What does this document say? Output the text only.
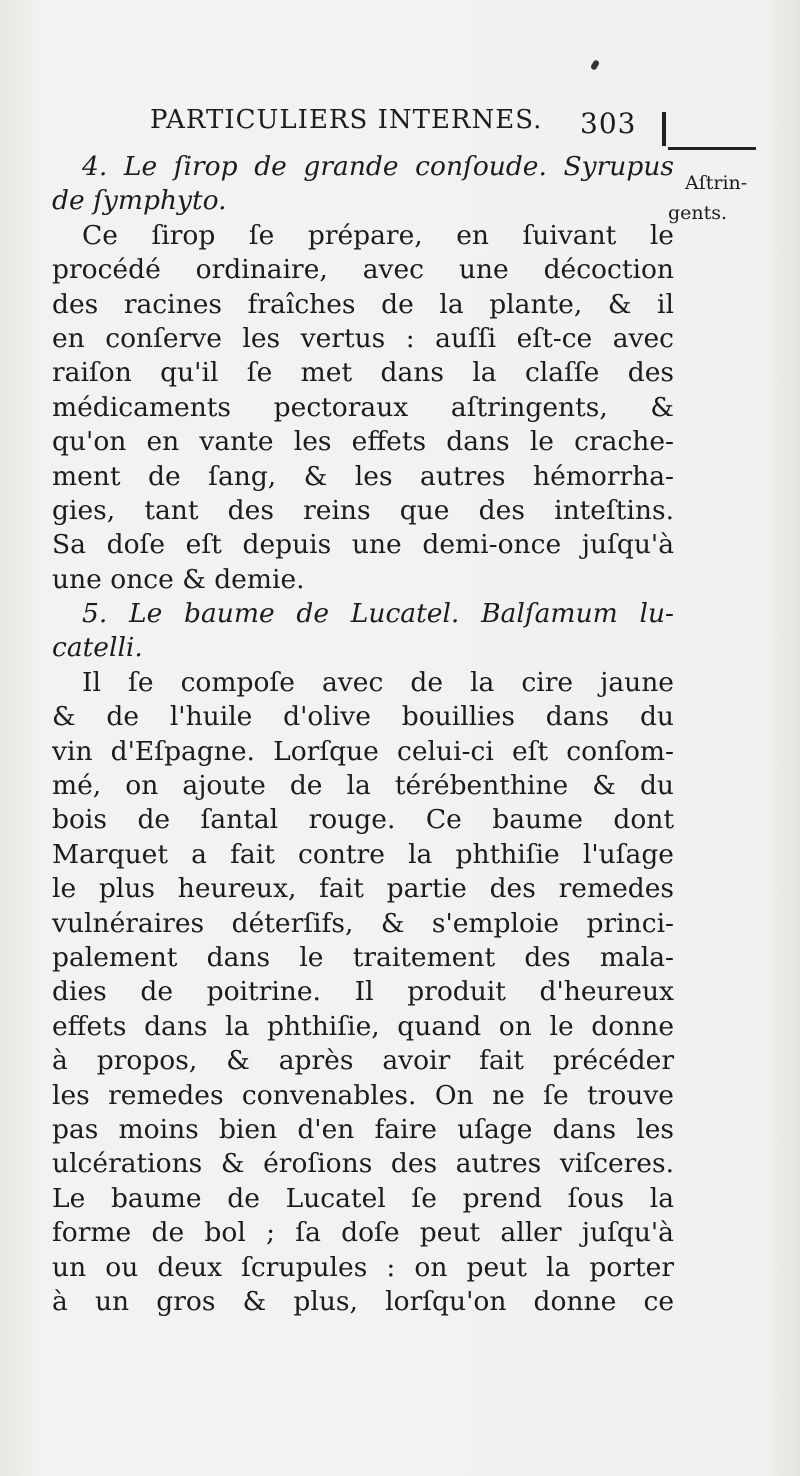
PARTICULIERS INTERNES. 303
Aſtrin-
gents.
4. Le ſirop de grande conſoude. Syrupus
de ſymphyto.
Ce ſirop ſe prépare, en ſuivant le
procédé ordinaire, avec une décoction
des racines fraîches de la plante, & il
en conſerve les vertus : auſſi eſt-ce avec
raiſon qu'il ſe met dans la claſſe des
médicaments pectoraux aſtringents, &
qu'on en vante les effets dans le crache-
ment de ſang, & les autres hémorrha-
gies, tant des reins que des inteſtins.
Sa doſe eſt depuis une demi-once juſqu'à
une once & demie.
5. Le baume de Lucatel. Balſamum lu-
catelli.
Il ſe compoſe avec de la cire jaune
& de l'huile d'olive bouillies dans du
vin d'Eſpagne. Lorſque celui-ci eſt conſom-
mé, on ajoute de la térébenthine & du
bois de ſantal rouge. Ce baume dont
Marquet a fait contre la phthiſie l'uſage
le plus heureux, fait partie des remedes
vulnéraires déterſifs, & s'emploie princi-
palement dans le traitement des mala-
dies de poitrine. Il produit d'heureux
effets dans la phthiſie, quand on le donne
à propos, & après avoir fait précéder
les remedes convenables. On ne ſe trouve
pas moins bien d'en faire uſage dans les
ulcérations & éroſions des autres viſceres.
Le baume de Lucatel ſe prend ſous la
forme de bol ; ſa doſe peut aller juſqu'à
un ou deux ſcrupules : on peut la porter
à un gros & plus, lorſqu'on donne ce
